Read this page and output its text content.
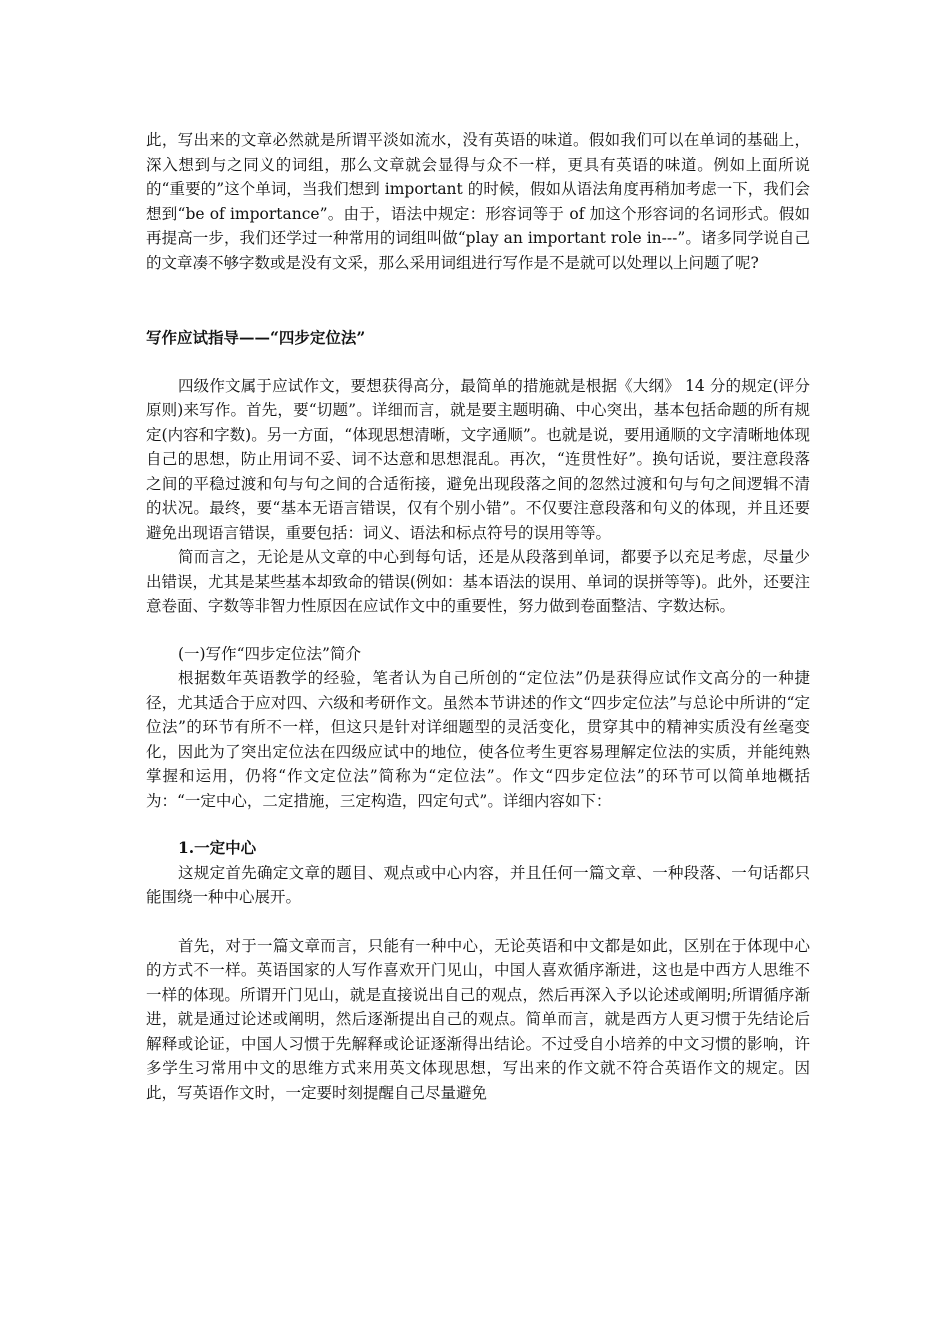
此，写出来的文章必然就是所谓平淡如流水，没有英语的味道。假如我们可以在单词的基础上，深入想到与之同义的词组，那么文章就会显得与众不一样，更具有英语的味道。例如上面所说的“重要的”这个单词，当我们想到 important 的时候，假如从语法角度再稍加考虑一下，我们会想到“be of importance”。由于，语法中规定：形容词等于 of 加这个形容词的名词形式。假如再提高一步，我们还学过一种常用的词组叫做“play an important role in---”。诸多同学说自己的文章凑不够字数或是没有文采，那么采用词组进行写作是不是就可以处理以上问题了呢?

写作应试指导——“四步定位法”

四级作文属于应试作文，要想获得高分，最简单的措施就是根据《大纲》 14 分的规定(评分原则)来写作。首先，要“切题”。详细而言，就是要主题明确、中心突出，基本包括命题的所有规定(内容和字数)。另一方面，“体现思想清晰，文字通顺”。也就是说，要用通顺的文字清晰地体现自己的思想，防止用词不妥、词不达意和思想混乱。再次，“连贯性好”。换句话说，要注意段落之间的平稳过渡和句与句之间的合适衔接，避免出现段落之间的忽然过渡和句与句之间逻辑不清的状况。最终，要“基本无语言错误，仅有个别小错”。不仅要注意段落和句义的体现，并且还要避免出现语言错误，重要包括：词义、语法和标点符号的误用等等。

简而言之，无论是从文章的中心到每句话，还是从段落到单词，都要予以充足考虑，尽量少出错误，尤其是某些基本却致命的错误(例如：基本语法的误用、单词的误拼等等)。此外，还要注意卷面、字数等非智力性原因在应试作文中的重要性，努力做到卷面整洁、字数达标。

(一)写作“四步定位法”简介

根据数年英语教学的经验，笔者认为自己所创的“定位法”仍是获得应试作文高分的一种捷径，尤其适合于应对四、六级和考研作文。虽然本节讲述的作文“四步定位法”与总论中所讲的“定位法”的环节有所不一样，但这只是针对详细题型的灵活变化，贯穿其中的精神实质没有丝毫变化，因此为了突出定位法在四级应试中的地位，使各位考生更容易理解定位法的实质，并能纯熟掌握和运用，仍将“作文定位法”简称为“定位法”。作文“四步定位法”的环节可以简单地概括为：“一定中心，二定措施，三定构造，四定句式”。详细内容如下：

1.一定中心

这规定首先确定文章的题目、观点或中心内容，并且任何一篇文章、一种段落、一句话都只能围绕一种中心展开。

首先，对于一篇文章而言，只能有一种中心，无论英语和中文都是如此，区别在于体现中心的方式不一样。英语国家的人写作喜欢开门见山，中国人喜欢循序渐进，这也是中西方人思维不一样的体现。所谓开门见山，就是直接说出自己的观点，然后再深入予以论述或阐明;所谓循序渐进，就是通过论述或阐明，然后逐渐提出自己的观点。简单而言，就是西方人更习惯于先结论后解释或论证，中国人习惯于先解释或论证逐渐得出结论。不过受自小培养的中文习惯的影响，许多学生习常用中文的思维方式来用英文体现思想，写出来的作文就不符合英语作文的规定。因此，写英语作文时，一定要时刻提醒自己尽量避免
